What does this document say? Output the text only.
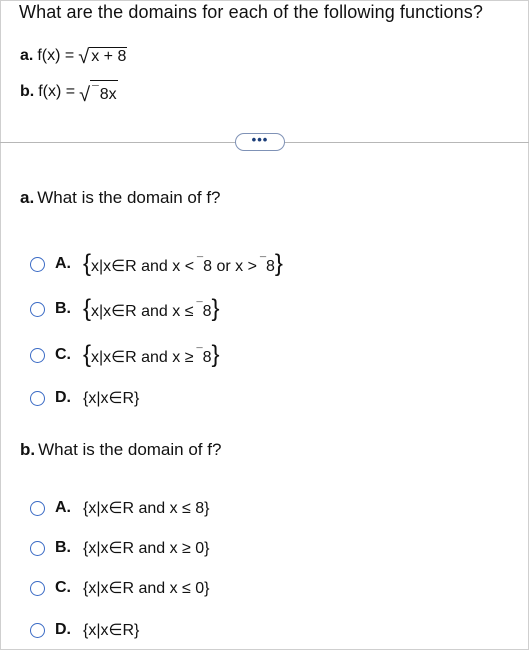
What are the domains for each of the following functions?
a. f(x) = √ x + 8
b. f(x) = √ ¯8x
•••
a. What is the domain of f?
A. {x|x∈R and x < ¯8 or x > ¯8}
B. {x|x∈R and x ≤ ¯8}
C. {x|x∈R and x ≥ ¯8}
D. {x|x∈R}
b. What is the domain of f?
A. {x|x∈R and x ≤ 8}
B. {x|x∈R and x ≥ 0}
C. {x|x∈R and x ≤ 0}
D. {x|x∈R}
